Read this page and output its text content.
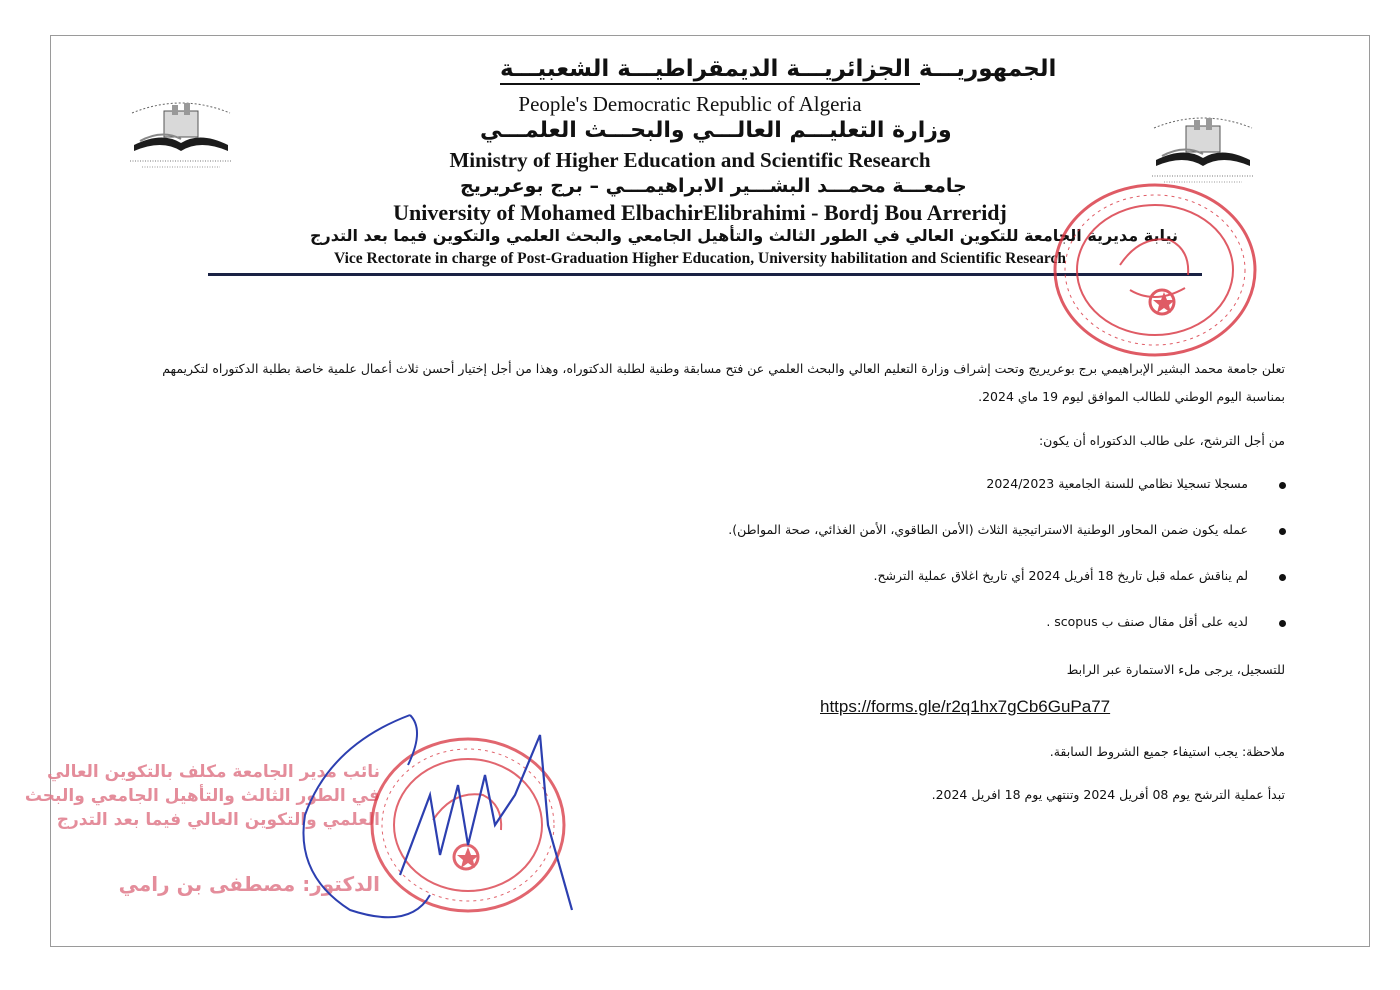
الجمهوريـــة الجزائريـــة الديمقراطيـــة الشعبيـــة
People's Democratic Republic of Algeria
وزارة التعليـــم العالـــي والبحـــث العلمـــي
Ministry of Higher Education and Scientific Research
جامعـــة محمـــد البشـــير الابراهيمـــي – برج بوعريريج
University of Mohamed ElbachirElibrahimi - Bordj Bou Arreridj
نيابة مديرية الجامعة للتكوين العالي في الطور الثالث والتأهيل الجامعي والبحث العلمي والتكوين فيما بعد التدرج
Vice Rectorate in charge of Post-Graduation Higher Education, University habilitation and Scientific Research
تعلن جامعة محمد البشير الإبراهيمي برج بوعريريج وتحت إشراف وزارة التعليم العالي والبحث العلمي عن فتح مسابقة وطنية لطلبة الدكتوراه، وهذا من أجل إختيار أحسن ثلاث أعمال علمية خاصة بطلبة الدكتوراه لتكريمهم
بمناسبة اليوم الوطني للطالب الموافق ليوم 19 ماي 2024.
من أجل الترشح، على طالب الدكتوراه أن يكون:
مسجلا تسجيلا نظامي للسنة الجامعية 2024/2023
عمله يكون ضمن المحاور الوطنية الاستراتيجية الثلاث (الأمن الطاقوي، الأمن الغذائي، صحة المواطن).
لم يناقش عمله قبل تاريخ 18 أفريل 2024 أي تاريخ اغلاق عملية الترشح.
لديه على أقل مقال صنف ب scopus .
للتسجيل، يرجى ملء الاستمارة عبر الرابط
https://forms.gle/r2q1hx7gCb6GuPa77
ملاحظة: يجب استيفاء جميع الشروط السابقة.
تبدأ عملية الترشح يوم 08 أفريل 2024 وتنتهي يوم 18 افريل 2024.
نائب مدير الجامعة مكلف بالتكوين العالي
في الطور الثالث والتأهيل الجامعي والبحث
العلمي والتكوين العالي فيما بعد التدرج
الدكتور: مصطفى بن رامي
